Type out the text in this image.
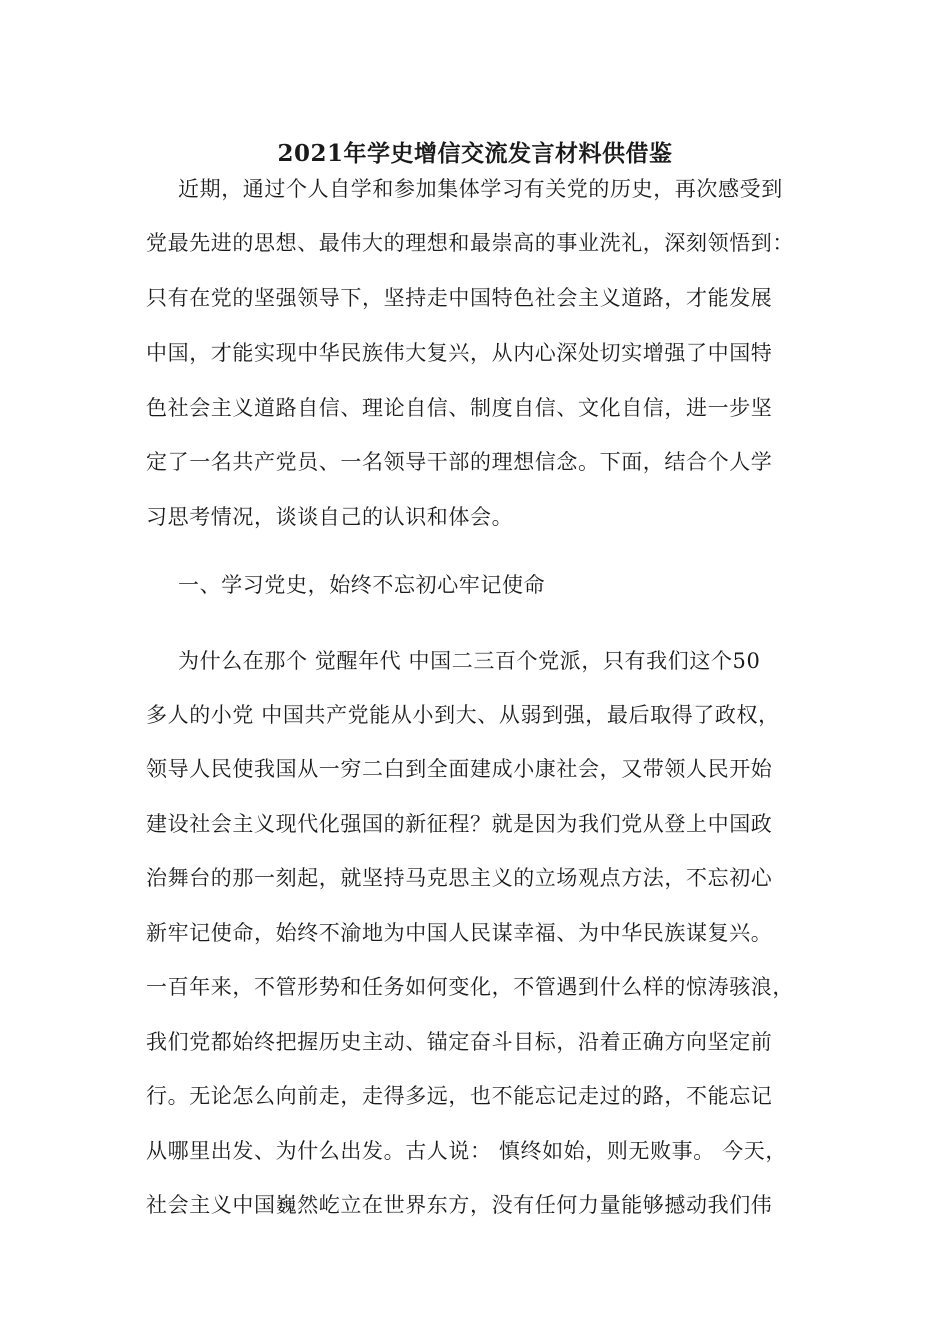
2021年学史增信交流发言材料供借鉴
近期，通过个人自学和参加集体学习有关党的历史，再次感受到
党最先进的思想、最伟大的理想和最崇高的事业洗礼，深刻领悟到：
只有在党的坚强领导下，坚持走中国特色社会主义道路，才能发展
中国，才能实现中华民族伟大复兴，从内心深处切实增强了中国特
色社会主义道路自信、理论自信、制度自信、文化自信，进一步坚
定了一名共产党员、一名领导干部的理想信念。下面，结合个人学
习思考情况，谈谈自己的认识和体会。
一、学习党史，始终不忘初心牢记使命
为什么在那个 觉醒年代 中国二三百个党派，只有我们这个50
多人的小党 中国共产党能从小到大、从弱到强，最后取得了政权，
领导人民使我国从一穷二白到全面建成小康社会，又带领人民开始
建设社会主义现代化强国的新征程？就是因为我们党从登上中国政
治舞台的那一刻起，就坚持马克思主义的立场观点方法，不忘初心
新牢记使命，始终不渝地为中国人民谋幸福、为中华民族谋复兴。
一百年来，不管形势和任务如何变化，不管遇到什么样的惊涛骇浪，
我们党都始终把握历史主动、锚定奋斗目标，沿着正确方向坚定前
行。无论怎么向前走，走得多远，也不能忘记走过的路，不能忘记
从哪里出发、为什么出发。古人说： 慎终如始，则无败事。 今天，
社会主义中国巍然屹立在世界东方，没有任何力量能够撼动我们伟
